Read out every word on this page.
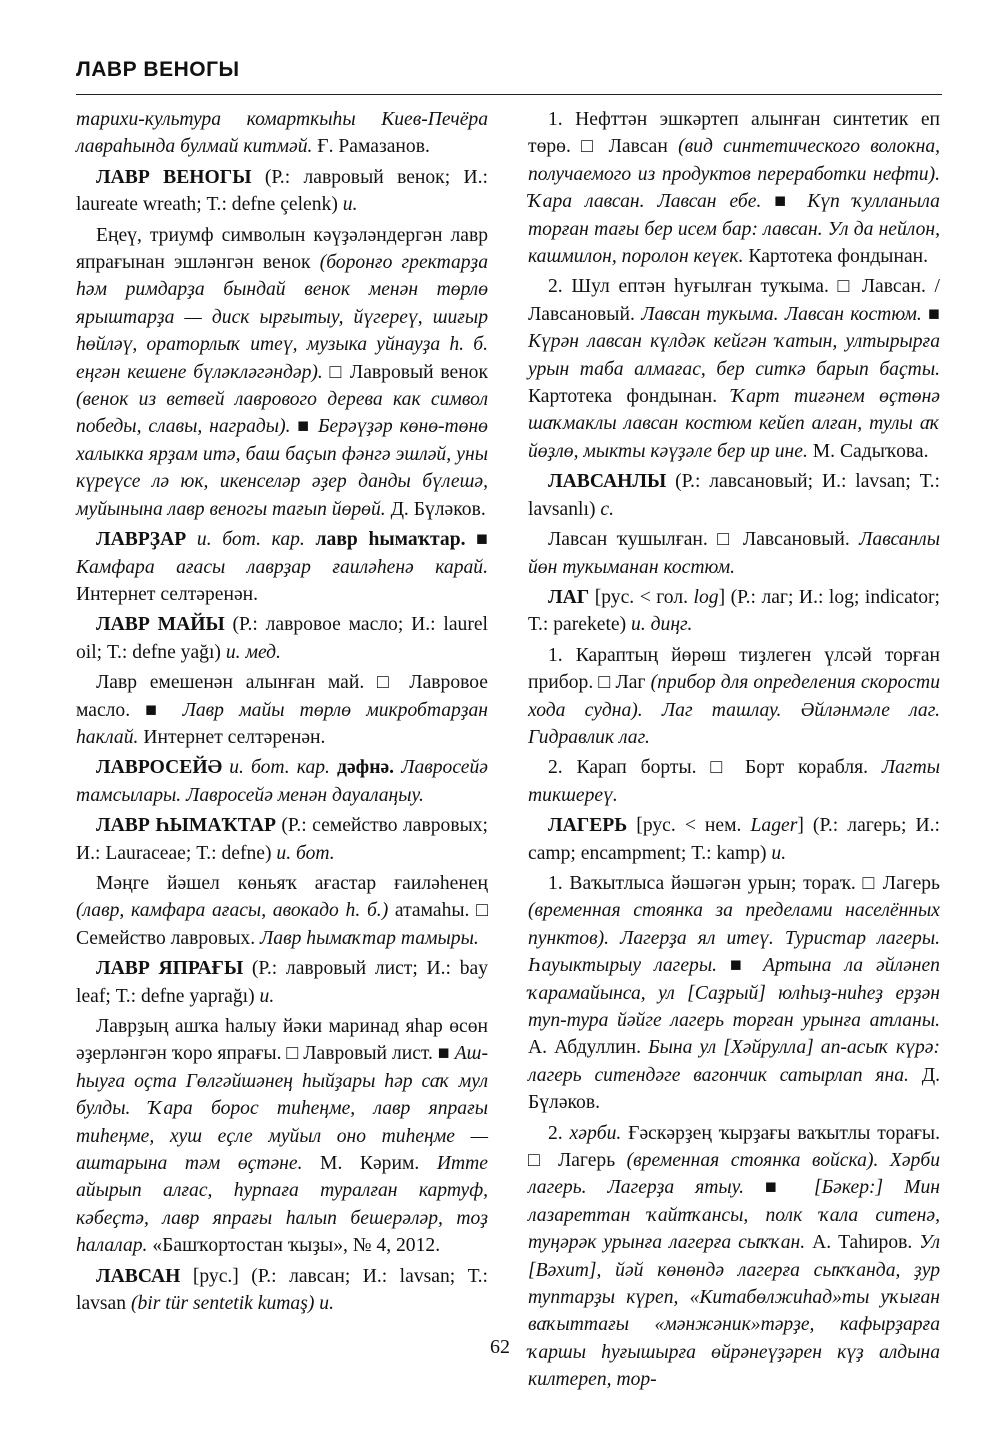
ЛАВР ВЕНОГЫ

тарихи-культура комарткыһы Киев-Печёра лавраһында булмай китмәй. Ғ. Рамазанов.

ЛАВР ВЕНОГЫ (Р.: лавровый венок; И.: laureate wreath; Т.: defne çelenk) и.

Еңеү, триумф символын кәүҙәләндергән лавр япрағынан эшләнгән венок (боронғо гректарҙа һәм римдарҙа бындай венок менән төрлө ярыштарҙа — диск ырғытыу, йүгереү, шиғыр һөйләү, ораторлыҡ итеү, музыка уйнауҙа һ. б. еңгән кешене бүләкләгәндәр). □ Лавровый венок (венок из ветвей лаврового дерева как символ победы, славы, награды). ■ Берәүҙәр көнө-төнө халыкка ярҙам итә, баш баҫып фәнгә эшләй, уны күреүсе лә юк, икенселәр әҙер данды бүлешә, муйынына лавр веногы тағып йөрөй. Д. Бүләков.

ЛАВРҘАР и. бот. кар. лавр һымаҡтар. ■ Камфара ағасы лаврҙар ғаиләһенә карай. Интернет селтәренән.

ЛАВР МАЙЫ (Р.: лавровое масло; И.: laurel oil; Т.: defne yağı) и. мед.

Лавр емешенән алынған май. □ Лавровое масло. ■ Лавр майы төрлө микробтарҙан һаклай. Интернет селтәренән.

ЛАВРОСЕЙӘ и. бот. кар. дәфнә. Лавросейә тамсылары. Лавросейә менән дауалаңыу.

ЛАВР ҺЫМАҠТАР (Р.: семейство лавровых; И.: Lauraceae; Т.: defne) и. бот.

Мәңге йәшел көньяҡ ағастар ғаиләһенең (лавр, камфара ағасы, авокадо һ. б.) атамаһы. □ Семейство лавровых. Лавр һымаҡтар тамыры.

ЛАВР ЯПРАҒЫ (Р.: лавровый лист; И.: bay leaf; Т.: defne yaprağı) и.

Лаврҙың ашҡа һалыу йәки маринад яһар өсөн әҙерләнгән ҡоро япрағы. □ Лавровый лист. ■ Аш-һыуға оҫта Гөлгәйшәнең һыйҙары һәр саҡ мул булды. Ҡара борос тиһеңме, лавр япрағы тиһеңме, хуш еҫле муйыл оно тиһеңме — аштарына тәм өҫтәне. М. Кәрим. Итте айырып алғас, һурпаға туралған картуф, кәбеҫтә, лавр япрағы һалып бешерәләр, тоҙ һалалар. «Башҡортостан ҡыҙы», № 4, 2012.

ЛАВСАН [рус.] (Р.: лавсан; И.: lavsan; Т.: lavsan (bir tür sentetik kumaş) и.

1. Нефттән эшкәртеп алынған синтетик еп төрө. □ Лавсан (вид синтетического волокна, получаемого из продуктов переработки нефти). Ҡара лавсан. Лавсан ебе. ■ Күп ҡулланыла торған тағы бер исем бар: лавсан. Ул да нейлон, кашмилон, поролон кеүек. Картотека фондынан.

2. Шул ептән һуғылған туҡыма. □ Лавсан. / Лавсановый. Лавсан тукыма. Лавсан костюм. ■ Күрән лавсан күлдәк кейгән ҡатын, ултырырға урын таба алмағас, бер ситкә барып баҫты. Картотека фондынан. Ҡарт тиғәнем өҫтөнә шаҡмаклы лавсан костюм кейеп алған, тулы аҡ йөҙлө, мыкты кәүҙәле бер ир ине. М. Садыҡова.

ЛАВСАНЛЫ (Р.: лавсановый; И.: lavsan; Т.: lavsanlı) с.

Лавсан ҡушылған. □ Лавсановый. Лавсанлы йөн тукыманан костюм.

ЛАГ [рус. < гол. log] (Р.: лаг; И.: log; indicator; Т.: parekete) и. диңг.

1. Караптың йөрөш тиҙлеген үлсәй торған прибор. □ Лаг (прибор для определения скорости хода судна). Лаг ташлау. Әйләнмәле лаг. Гидравлик лаг.

2. Карап борты. □ Борт корабля. Лагты тикшереү.

ЛАГЕРЬ [рус. < нем. Lager] (Р.: лагерь; И.: camp; encampment; Т.: kamp) и.

1. Ваҡытлыса йәшәгән урын; тораҡ. □ Лагерь (временная стоянка за пределами населённых пунктов). Лагерҙа ял итеү. Туристар лагеры. Һауыктырыу лагеры. ■ Артына ла әйләнеп ҡарамайынса, ул [Саҙрый] юлһыҙ-ниһеҙ ерҙән туп-тура йәйге лагерь торған урынға атланы. А. Абдуллин. Бына ул [Хәйрулла] ап-асыҡ күрә: лагерь ситендәге вагончик сатырлап яна. Д. Бүләков.

2. хәрби. Ғәскәрҙең ҡырҙағы ваҡытлы торағы. □ Лагерь (временная стоянка войска). Хәрби лагерь. Лагерҙа ятыу. ■ [Бәкер:] Мин лазареттан ҡайтҡансы, полк ҡала ситенә, туңәрәк урынға лагерға сыҡҡан. А. Таһиров. Ул [Вәхит], йәй көнөндә лагерға сыҡҡанда, ҙур туптарҙы күреп, «Китабөлжиһад»ты уҡыған ваҡыттағы «мәнжәник»тәрҙе, кафырҙарға ҡаршы һуғышырға өйрәнеүҙәрен күҙ алдына килтереп, тор-

62
